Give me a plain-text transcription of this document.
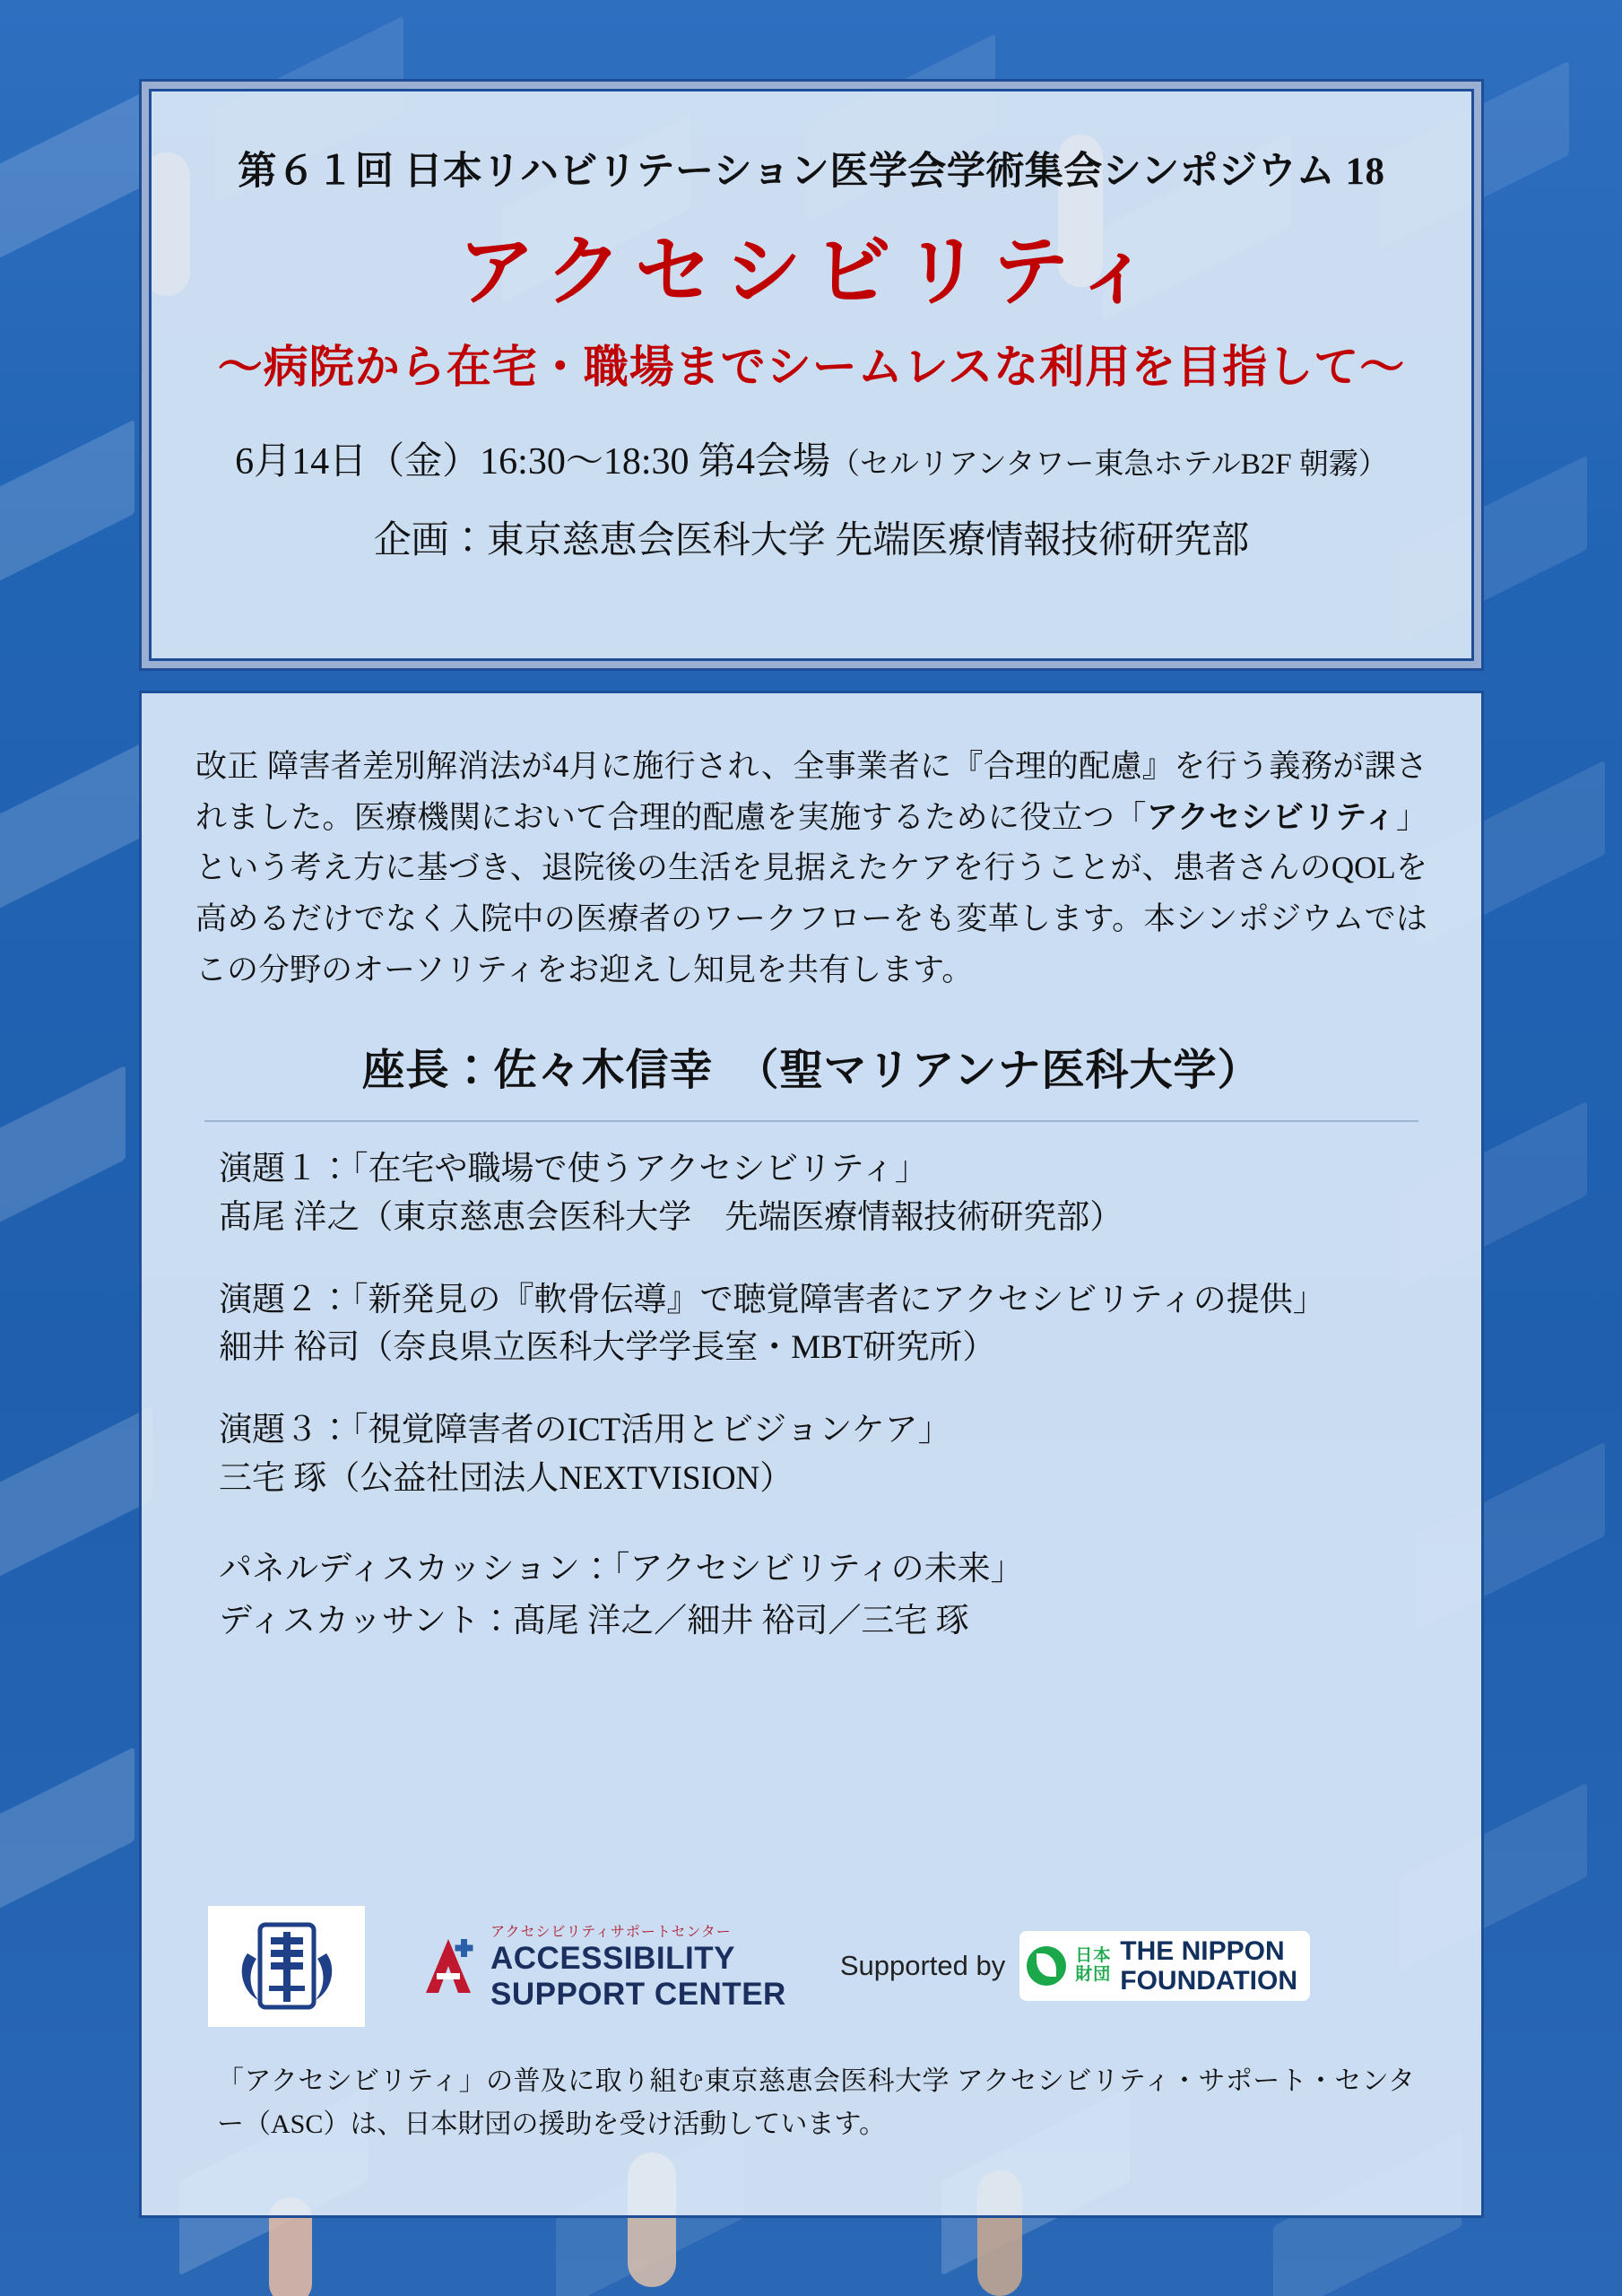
第６１回 日本リハビリテーション医学会学術集会シンポジウム 18
アクセシビリティ
〜病院から在宅・職場までシームレスな利用を目指して〜
6月14日（金）16:30〜18:30 第4会場（セルリアンタワー東急ホテルB2F 朝霧）
企画：東京慈恵会医科大学 先端医療情報技術研究部
改正 障害者差別解消法が4月に施行され、全事業者に『合理的配慮』を行う義務が課されました。医療機関において合理的配慮を実施するために役立つ「アクセシビリティ」という考え方に基づき、退院後の生活を見据えたケアを行うことが、患者さんのQOLを高めるだけでなく入院中の医療者のワークフローをも変革します。本シンポジウムではこの分野のオーソリティをお迎えし知見を共有します。
座長：佐々木信幸　（聖マリアンナ医科大学）
演題１：「在宅や職場で使うアクセシビリティ」
髙尾 洋之（東京慈恵会医科大学　先端医療情報技術研究部）
演題２：「新発見の『軟骨伝導』で聴覚障害者にアクセシビリティの提供」
細井 裕司（奈良県立医科大学学長室・MBT研究所）
演題３：「視覚障害者のICT活用とビジョンケア」
三宅 琢（公益社団法人NEXTVISION）
パネルディスカッション：「アクセシビリティの未来」
ディスカッサント：髙尾 洋之／細井 裕司／三宅 琢
アクセシビリティサポートセンター
ACCESSIBILITY
SUPPORT CENTER
Supported by	日本
財団
THE NIPPON
FOUNDATION
「アクセシビリティ」の普及に取り組む東京慈恵会医科大学 アクセシビリティ・サポート・センター（ASC）は、日本財団の援助を受け活動しています。
